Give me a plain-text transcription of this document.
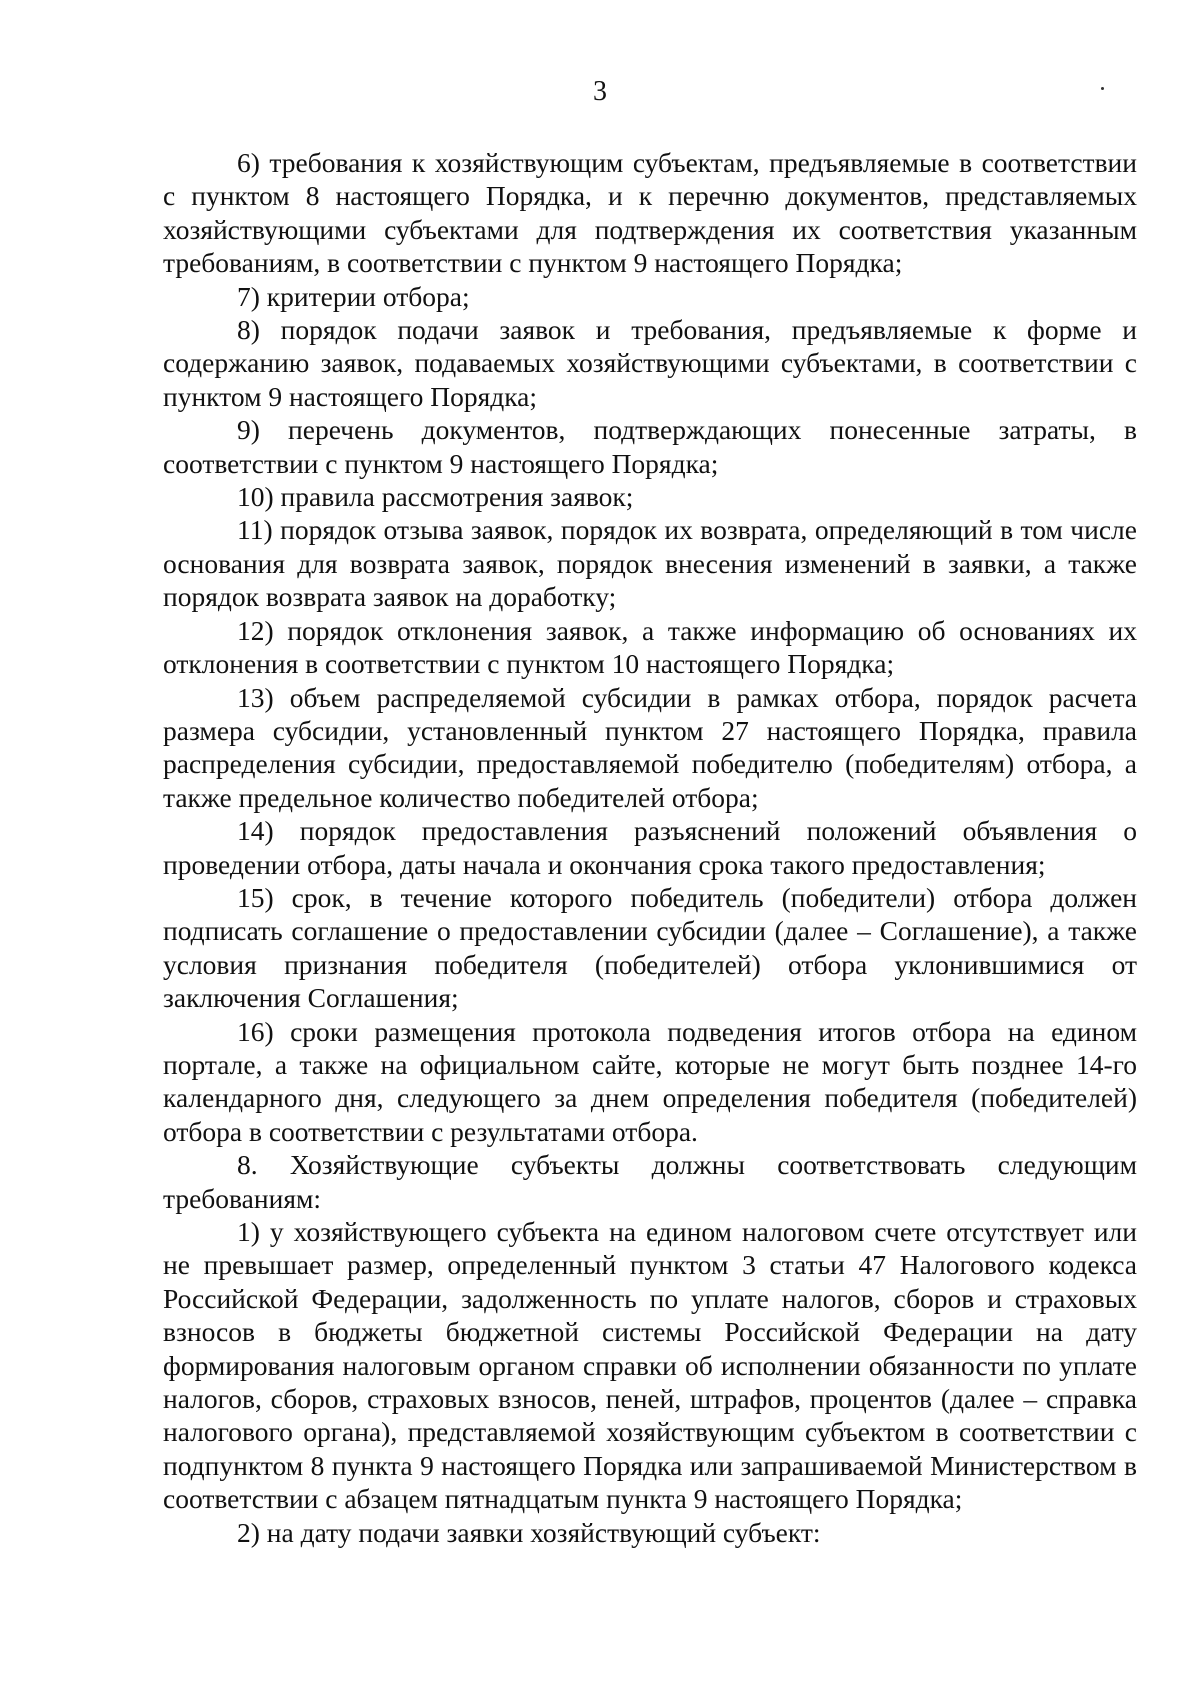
3

6) требования к хозяйствующим субъектам, предъявляемые в соответствии с пунктом 8 настоящего Порядка, и к перечню документов, представляемых хозяйствующими субъектами для подтверждения их соответствия указанным требованиям, в соответствии с пунктом 9 настоящего Порядка;

7) критерии отбора;

8) порядок подачи заявок и требования, предъявляемые к форме и содержанию заявок, подаваемых хозяйствующими субъектами, в соответствии с пунктом 9 настоящего Порядка;

9) перечень документов, подтверждающих понесенные затраты, в соответствии с пунктом 9 настоящего Порядка;

10) правила рассмотрения заявок;

11) порядок отзыва заявок, порядок их возврата, определяющий в том числе основания для возврата заявок, порядок внесения изменений в заявки, а также порядок возврата заявок на доработку;

12) порядок отклонения заявок, а также информацию об основаниях их отклонения в соответствии с пунктом 10 настоящего Порядка;

13) объем распределяемой субсидии в рамках отбора, порядок расчета размера субсидии, установленный пунктом 27 настоящего Порядка, правила распределения субсидии, предоставляемой победителю (победителям) отбора, а также предельное количество победителей отбора;

14) порядок предоставления разъяснений положений объявления о проведении отбора, даты начала и окончания срока такого предоставления;

15) срок, в течение которого победитель (победители) отбора должен подписать соглашение о предоставлении субсидии (далее – Соглашение), а также условия признания победителя (победителей) отбора уклонившимися от заключения Соглашения;

16) сроки размещения протокола подведения итогов отбора на едином портале, а также на официальном сайте, которые не могут быть позднее 14-го календарного дня, следующего за днем определения победителя (победителей) отбора в соответствии с результатами отбора.

8. Хозяйствующие субъекты должны соответствовать следующим требованиям:

1) у хозяйствующего субъекта на едином налоговом счете отсутствует или не превышает размер, определенный пунктом 3 статьи 47 Налогового кодекса Российской Федерации, задолженность по уплате налогов, сборов и страховых взносов в бюджеты бюджетной системы Российской Федерации на дату формирования налоговым органом справки об исполнении обязанности по уплате налогов, сборов, страховых взносов, пеней, штрафов, процентов (далее – справка налогового органа), представляемой хозяйствующим субъектом в соответствии с подпунктом 8 пункта 9 настоящего Порядка или запрашиваемой Министерством в соответствии с абзацем пятнадцатым пункта 9 настоящего Порядка;

2) на дату подачи заявки хозяйствующий субъект:
